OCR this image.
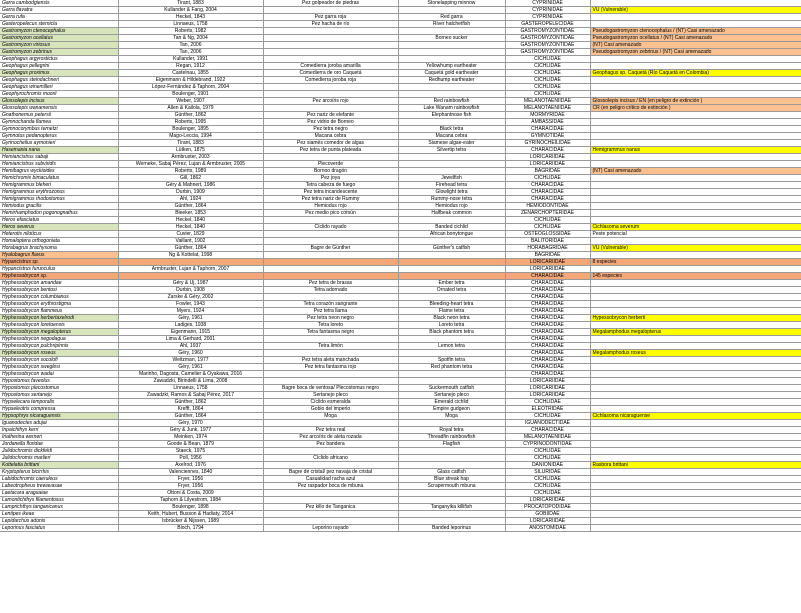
Garra cambodgiensis	Tirant, 1883	Pez golpeador de piedras	Stonelapping minnow	CYPRINIDAE	
Garra flavatra	Kullander & Fang, 2004			CYPRINIDAE	VU (Vulnerable)
Garra rufa	Heckel, 1843	Pez garra roja	Red garra	CYPRINIDAE	
Gasteropelecus sternicla	Linnaeus, 1758	Pez hacha de río	River hatchetfish	GASTEROPELECIDAE	
Gastromyzon ctenocephalus	Roberts, 1982			GASTROMYZONTIDAE	Pseudogastromyzon ctenocephalus / (NT) Casi amenazado
Gastromyzon ocellatus	Tan & Ng, 2004		Borneo sucker	GASTROMYZONTIDAE	Pseudogastromyzon ocellatus / (NT) Casi amenazado
Gastromyzon viriosus	Tan, 2006			GASTROMYZONTIDAE	(NT) Casi amenazado
Gastromyzon zebrinus	Tan, 2006			GASTROMYZONTIDAE	Pseudogastromyzon zebrinus / (NT) Casi amenazado
Geophagus argyrostictus	Kullander, 1991			CICHLIDAE	
Geophagus pellegrini	Regan, 1912	Comedierra joroba amarilla	Yellowhump eartheater	CICHLIDAE	
Geophagus proximus	Castelnau, 1855	Comedierra de oro Caquetá	Caquetá gold eartheater	CICHLIDAE	Geophagus sp. Caquetá (Río Caquetá en Colombia)
Geophagus steindachneri	Eigenmann & Hildebrand, 1922	Comedierra joroba roja	Redhump eartheater	CICHLIDAE	
Geophagus winemilleri	López-Fernández & Taphorn, 2004			CICHLIDAE	
Geophyrochromis moorii	Boulenger, 1901			CICHLIDAE	
Glossolepis incisus	Weber, 1907	Pez arcoíris rojo	Red rainbowfish	MELANOTAENIIDAE	Glossolepis incisus / EN (en peligro de extinción )
Glossolepis wanamensis	Allen & Kailola, 1979		Lake Wanam rainbowfish	MELANOTAENIIDAE	CR (en peligro crítico de extinción )
Gnathonemus petersii	Günther, 1862	Pez nariz de elefante	Elephantnose fish	MORMYRIDAE	
Gymnochanda flamea	Roberts, 1995	Pez vidrio de Borneo		AMBASSIDAE	
Gymnocorymbus ternetzi	Boulenger, 1895	Pez tetra negro	Black tetra	CHARACIDAE	
Gymnotus pedanopterus	Mago-Leccia, 1994	Macana cebra	Macana cebra	GYMNOTIDAE	
Gyrinocheilus aymonieri	Tirant, 1883	Pez siamés comedor de algas	Siamese algae-eater	GYRINOCHEILIDAE	
Hasemania nana	Lütken, 1875	Pez tetra de punta plateada	Silvertip tetra	CHARACIDAE	Hemigrammus nanus
Hemiancistrus sabaji	Armbruster, 2003			LORICARIIDAE	
Hemiancistrus subviridis	Werneke, Sabaj Pérez, Lujan & Armbruster, 2005	Plecoverde		LORICARIIDAE	
Hemibagrus wyckioides	Roberts, 1989	Bornoo dragón		BAGRIDAE	(NT) Casi amenazado
Hemichromis bimaculatus	Gill, 1862	Pez joya	Jewelfish	CICHLIDAE	
Hemigrammus bleheri	Géry & Mahnert, 1986	Tetra cabeza de fuego	Firehead tetra	CHARACIDAE	
Hemigrammus erythrozonus	Durbin, 1909	Pez tetra incandescente	Glowlight tetra	CHARACIDAE	
Hemigrammus rhodostomus	Ahl, 1924	Pez tetra nariz de Rummy	Rummy-nose tetra	CHARACIDAE	
Hemiodus gracilis	Günther, 1864	Hemiodus rojo	Hemiodus rojo	HEMIODONTIDAE	
Hemirhamphodon pogonognathus	Bleeker, 1853	Pez medio pico común	Halfbeak common	ZENARCHOPTERIDAE	
Heros efasciatus	Heckel, 1840			CICHLIDAE	
Heros severus	Heckel, 1840	Cíclido rayado	Banded cichlid	CICHLIDAE	Cichlasoma severum
Heterotis niloticus	Cuvier, 1829		African bonytongue	OSTEOGLOSSIDAE	Peste potencial
Homaloptera orthogoniata	Vaillant, 1902			BALITORIDAE	
Horabagrus brachysoma	Günther, 1864	Bagre de Günther	Günther's catfish	HORABAGRIDAE	VU (Vulnerable)
Hyalobagrus flavus	Ng & Kottelat, 1998			BAGRIDAE	
Hypancistrus sp.				LORICARIIDAE	8 especies
Hypancistrus furunculus	Armbruster, Lujan & Taphorn, 2007			LORICARIIDAE	
Hyphessobrycon sp.				CHARACIDAE	145 especies
Hyphessobrycon amandae	Géry & Uj, 1987	Pez tetra de brasas	Ember tetra	CHARACIDAE	
Hyphessobrycon bentosi	Durbin, 1908	Tetra adornado	Ornated tetra	CHARACIDAE	
Hyphessobrycon columbianus	Zarske & Géry, 2002			CHARACIDAE	
Hyphessobrycon erythrostigma	Fowler, 1943	Tetra corazón sangrante	Bleeding-heart tetra	CHARACIDAE	
Hyphessobrycon flammeus	Myers, 1924	Pez tetra llama	Flame tetra	CHARACIDAE	
Hyphessobrycon herbertaxelrodi	Géry, 1961	Pez tetra neon negro	Black neon tetra	CHARACIDAE	Hypessobrycon herberti
Hyphessobrycon loretoensis	Ladiges, 1938	Tetra loreto	Loreto tetra	CHARACIDAE	
Hyphessobrycon megalopterus	Eigenmann, 1915	Tetra fantasma negro	Black phantom tetra	CHARACIDAE	Megalamphodus megalopterus
Hyphessobrycon negodagua	Lima & Gerhard, 2001			CHARACIDAE	
Hyphessobrycon pulchripinnis	Ahl, 1937	Tetra limón	Lemon tetra	CHARACIDAE	
Hyphessobrycon roseus	Géry, 1960			CHARACIDAE	Megalamphodus roseus
Hyphessobrycon socolofi	Weitzman, 1977	Pez tetra aleta manchada	Spotfin tetra	CHARACIDAE	
Hyphessobrycon sweglesi	Géry, 1961	Pez tetra fantasma rojo	Red phantom tetra	CHARACIDAE	
Hyphessobrycon wadai	Marinho, Dagosta, Camelier & Oyakawa, 2016			CHARACIDAE	
Hypostomus faveolus	Zawadzki, Birindelli & Lima, 2008			LORICARIIDAE	
Hypostomus plecostomus	Linnaeus, 1758	Bagre boca de ventosa/ Plecostomus negro	Suckermouth catfish	LORICARIIDAE	
Hypostomus sertanejo	Zawadzki, Ramos & Sabaj Pérez, 2017	Sertanejo pleco	Sertanejo pleco	LORICARIIDAE	
Hypselecara temporalis	Günther, 1862	Cíclido esmeralda	Emerald cichlid	CICHLIDAE	
Hypseleotris compressa	Krefft, 1864	Gobio del imperio	Empire gudgeon	ELEOTRIDAE	
Hypsophrys nicaraguensis	Günther, 1864	Moga	Moga	CICHLIDAE	Cichlasoma nicaraguense
Iguanodectes adujai	Géry, 1970			IGUANODECTIDAE	
Inpaichthys kerri	Géry & Junk, 1977	Pez tetra real	Royal tetra	CHARACIDAE	
Iriatherina werneri	Meinken, 1974	Pez arcoíris de aleta rozada	Threadfin rainbowfish	MELANOTAENIIDAE	
Jordanella floridae	Goode & Bean, 1879	Pez bandera	Flagfish	CYPRINODONTIDAE	
Julidochromis dickfeldi	Staeck, 1975			CICHLIDAE	
Julidochromis marlieri	Poll, 1956	Cíclido africano		CICHLIDAE	
Kottelatia brittani	Axelrod, 1976			DANIONIDAE	Rasbora brittani
Kryptopterus bicirrhis	Valenciennes, 1840	Bagre de cristal/ pez navaja de cristal	Glass catfish	SILURIDAE	
Labidochromis caeruleus	Fryer, 1956	Casualidad racha azul	Blue streak hap	CICHLIDAE	
Labeotropheus trewavasae	Fryer, 1956	Pez raspador boca de mbuna	Scrapermouth mbuna	CICHLIDAE	
Laetacara araguaiae	Ottoni & Costa, 2009			CICHLIDAE	
Lamontichthys filamentosus	Taphorn & Lilyestrom, 1984			LORICARIIDAE	
Lamprichthys tanganicanus	Boulenger, 1898	Pez killo de Tanganica	Tanganyika killifish	PROCATOPODIDAE	
Lentipes ikeae	Keith, Hubert, Busson & Hadiaty, 2014			GOBIIDAE	
Lepidarchus adonis	Isbrücker & Nijssen, 1989			LORICARIIDAE	
Leporinus fasciatus	Bloch, 1794	Leporino rayado	Banded leporinus	ANOSTOMIDAE	
